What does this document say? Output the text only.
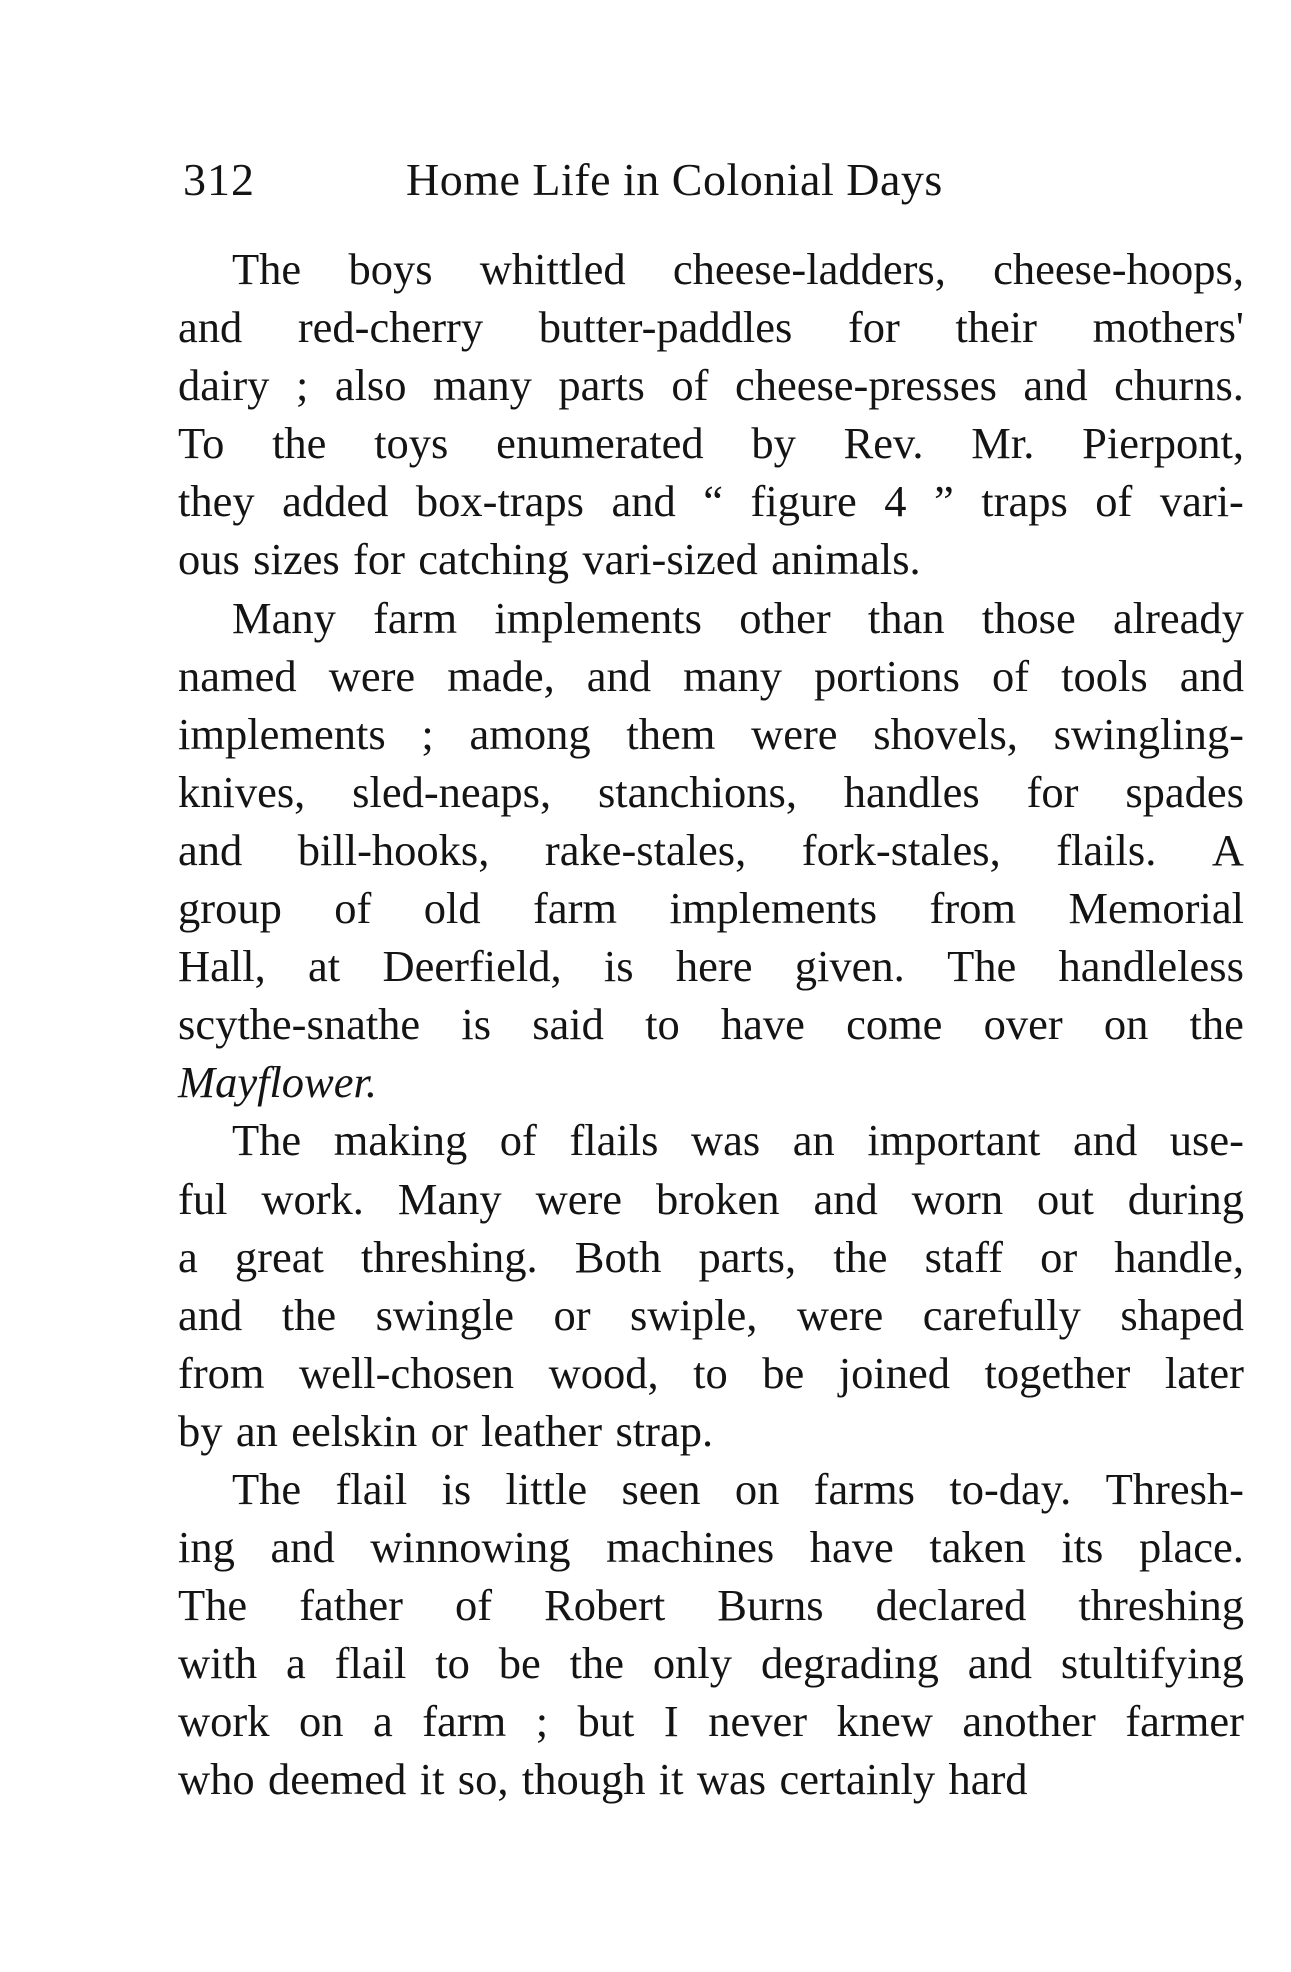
312	Home Life in Colonial Days
The boys whittled cheese-ladders, cheese-hoops,
and red-cherry butter-paddles for their mothers'
dairy ; also many parts of cheese-presses and churns.
To the toys enumerated by Rev. Mr. Pierpont,
they added box-traps and “ figure 4 ” traps of vari-
ous sizes for catching vari-sized animals.
Many farm implements other than those already
named were made, and many portions of tools and
implements ; among them were shovels, swingling-
knives, sled-neaps, stanchions, handles for spades
and bill-hooks, rake-stales, fork-stales, flails. A
group of old farm implements from Memorial
Hall, at Deerfield, is here given. The handleless
scythe-snathe is said to have come over on the
Mayflower.
The making of flails was an important and use-
ful work. Many were broken and worn out during
a great threshing. Both parts, the staff or handle,
and the swingle or swiple, were carefully shaped
from well-chosen wood, to be joined together later
by an eelskin or leather strap.
The flail is little seen on farms to-day. Thresh-
ing and winnowing machines have taken its place.
The father of Robert Burns declared threshing
with a flail to be the only degrading and stultifying
work on a farm ; but I never knew another farmer
who deemed it so, though it was certainly hard
